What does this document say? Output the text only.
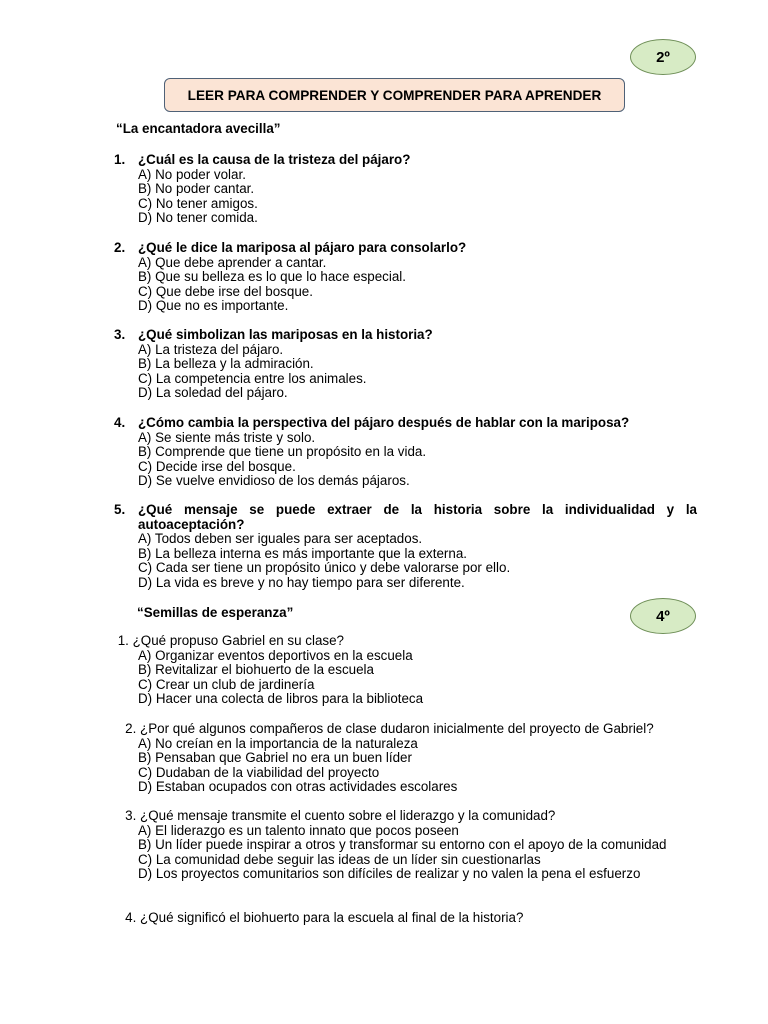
2º
LEER PARA COMPRENDER Y COMPRENDER PARA APRENDER
“La encantadora avecilla”
1. ¿Cuál es la causa de la tristeza del pájaro?
A) No poder volar.
B) No poder cantar.
C) No tener amigos.
D) No tener comida.
2. ¿Qué le dice la mariposa al pájaro para consolarlo?
A) Que debe aprender a cantar.
B) Que su belleza es lo que lo hace especial.
C) Que debe irse del bosque.
D) Que no es importante.
3. ¿Qué simbolizan las mariposas en la historia?
A) La tristeza del pájaro.
B) La belleza y la admiración.
C) La competencia entre los animales.
D) La soledad del pájaro.
4. ¿Cómo cambia la perspectiva del pájaro después de hablar con la mariposa?
A) Se siente más triste y solo.
B) Comprende que tiene un propósito en la vida.
C) Decide irse del bosque.
D) Se vuelve envidioso de los demás pájaros.
5. ¿Qué mensaje se puede extraer de la historia sobre la individualidad y la autoaceptación?
A) Todos deben ser iguales para ser aceptados.
B) La belleza interna es más importante que la externa.
C) Cada ser tiene un propósito único y debe valorarse por ello.
D) La vida es breve y no hay tiempo para ser diferente.
“Semillas de esperanza”	4º
1. ¿Qué propuso Gabriel en su clase?
A) Organizar eventos deportivos en la escuela
B) Revitalizar el biohuerto de la escuela
C) Crear un club de jardinería
D) Hacer una colecta de libros para la biblioteca
2. ¿Por qué algunos compañeros de clase dudaron inicialmente del proyecto de Gabriel?
A) No creían en la importancia de la naturaleza
B) Pensaban que Gabriel no era un buen líder
C) Dudaban de la viabilidad del proyecto
D) Estaban ocupados con otras actividades escolares
3. ¿Qué mensaje transmite el cuento sobre el liderazgo y la comunidad?
A) El liderazgo es un talento innato que pocos poseen
B) Un líder puede inspirar a otros y transformar su entorno con el apoyo de la comunidad
C) La comunidad debe seguir las ideas de un líder sin cuestionarlas
D) Los proyectos comunitarios son difíciles de realizar y no valen la pena el esfuerzo
4. ¿Qué significó el biohuerto para la escuela al final de la historia?
